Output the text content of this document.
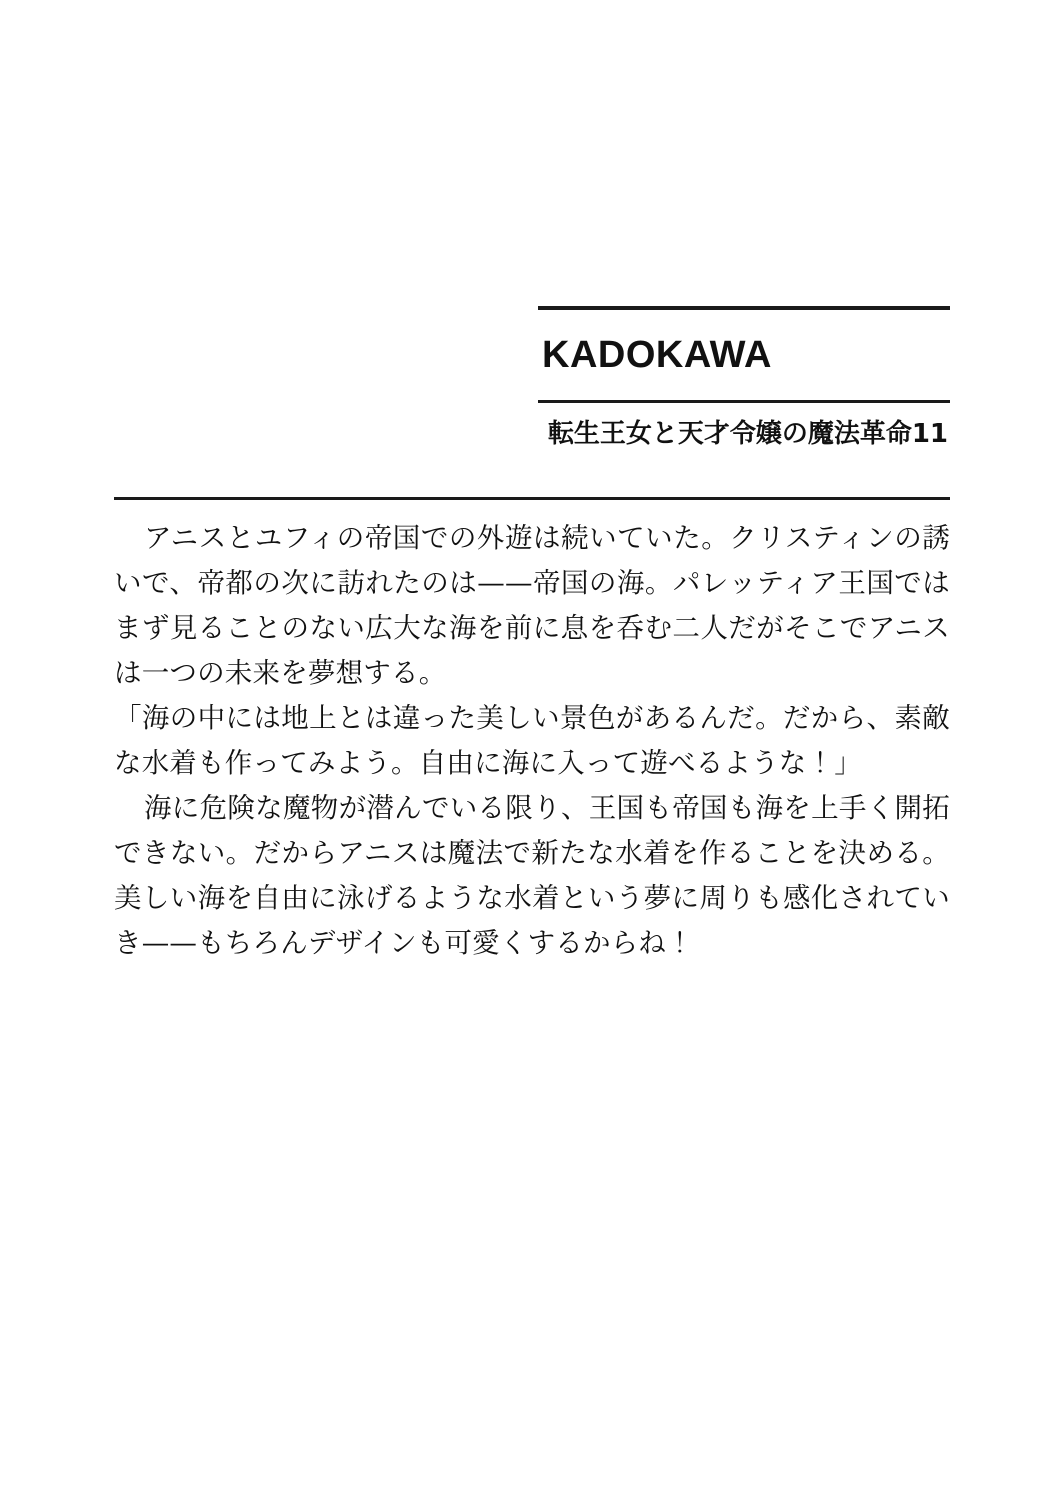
KADOKAWA
転生王女と天才令嬢の魔法革命11

アニスとユフィの帝国での外遊は続いていた。クリスティンの誘いで、帝都の次に訪れたのは——帝国の海。パレッティア王国ではまず見ることのない広大な海を前に息を呑む二人だがそこでアニスは一つの未来を夢想する。

「海の中には地上とは違った美しい景色があるんだ。だから、素敵な水着も作ってみよう。自由に海に入って遊べるような！」

海に危険な魔物が潜んでいる限り、王国も帝国も海を上手く開拓できない。だからアニスは魔法で新たな水着を作ることを決める。美しい海を自由に泳げるような水着という夢に周りも感化されていき——もちろんデザインも可愛くするからね！
